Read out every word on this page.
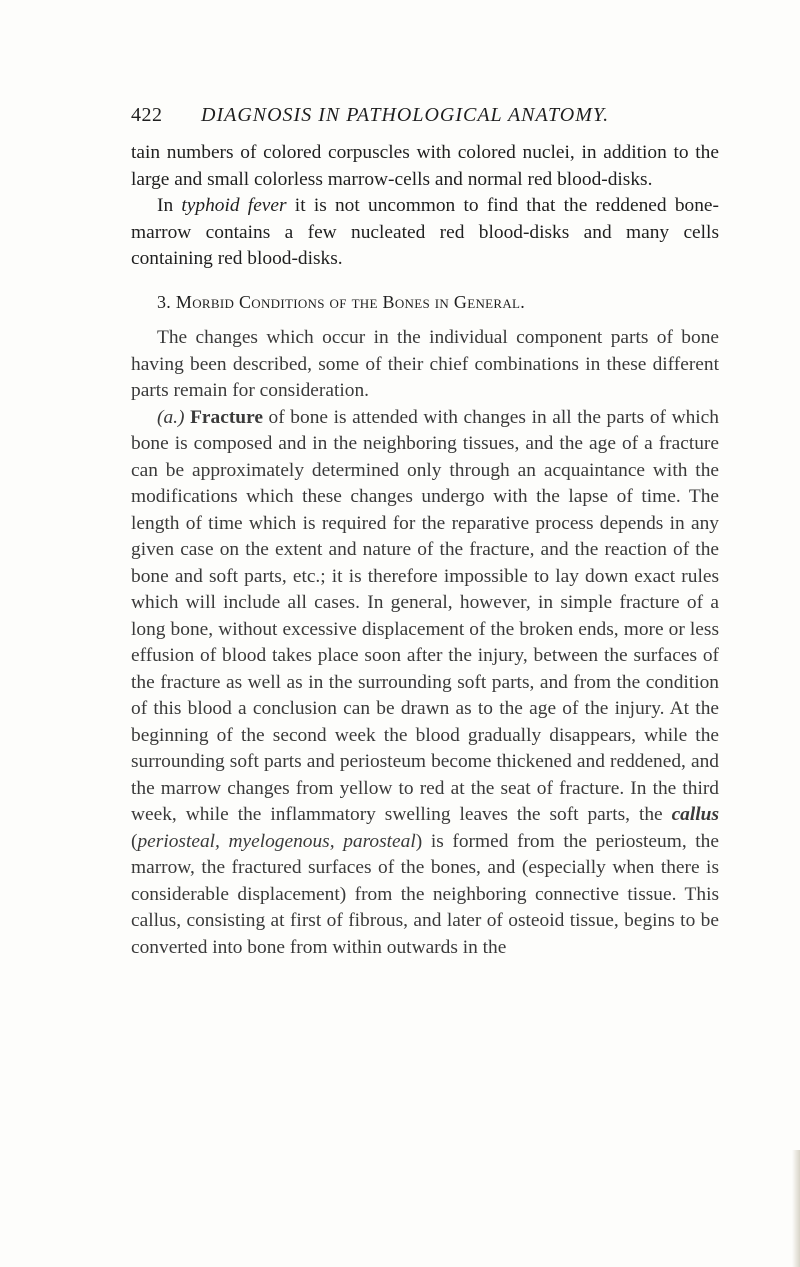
422 DIAGNOSIS IN PATHOLOGICAL ANATOMY.

tain numbers of colored corpuscles with colored nuclei, in addition to the large and small colorless marrow-cells and normal red blood-disks.

In typhoid fever it is not uncommon to find that the reddened bone-marrow contains a few nucleated red blood-disks and many cells containing red blood-disks.

3. Morbid Conditions of the Bones in General.

The changes which occur in the individual component parts of bone having been described, some of their chief combinations in these different parts remain for consideration.

(a.) Fracture of bone is attended with changes in all the parts of which bone is composed and in the neighboring tissues, and the age of a fracture can be approximately determined only through an acquaintance with the modifications which these changes undergo with the lapse of time. The length of time which is required for the reparative process depends in any given case on the extent and nature of the fracture, and the reaction of the bone and soft parts, etc.; it is therefore impossible to lay down exact rules which will include all cases. In general, however, in simple fracture of a long bone, without excessive displacement of the broken ends, more or less effusion of blood takes place soon after the injury, between the surfaces of the fracture as well as in the surrounding soft parts, and from the condition of this blood a conclusion can be drawn as to the age of the injury. At the beginning of the second week the blood gradually disappears, while the surrounding soft parts and periosteum become thickened and reddened, and the marrow changes from yellow to red at the seat of fracture. In the third week, while the inflammatory swelling leaves the soft parts, the callus (periosteal, myelogenous, parosteal) is formed from the periosteum, the marrow, the fractured surfaces of the bones, and (especially when there is considerable displacement) from the neighboring connective tissue. This callus, consisting at first of fibrous, and later of osteoid tissue, begins to be converted into bone from within outwards in the
